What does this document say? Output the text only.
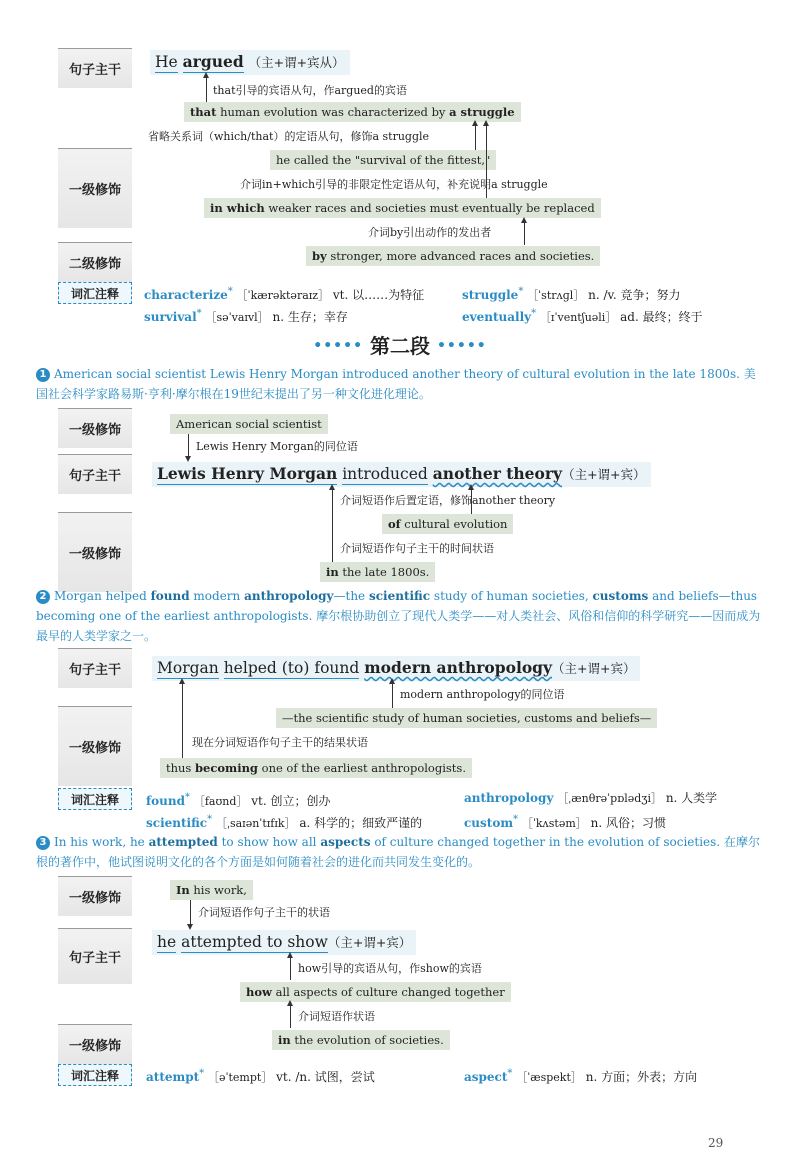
句子主干
一级修饰
二级修饰
He argued （主+谓+宾从）
that引导的宾语从句，作argued的宾语
that human evolution was characterized by a struggle
省略关系词（which/that）的定语从句，修饰a struggle
he called the "survival of the fittest,"
介词in+which引导的非限定性定语从句，补充说明a struggle
in which weaker races and societies must eventually be replaced
介词by引出动作的发出者
by stronger, more advanced races and societies.
词汇注释	characterize* ［ˈkærəktəraɪz］ vt. 以……为特征	struggle* ［ˈstrʌɡl］ n. /v. 竞争；努力
survival* ［səˈvaɪvl］ n. 生存；幸存	eventually* ［ɪˈventʃuəli］ ad. 最终；终于
••••• 第二段 •••••
1 American social scientist Lewis Henry Morgan introduced another theory of cultural evolution in the late 1800s. 美国社会科学家路易斯·亨利·摩尔根在19世纪末提出了另一种文化进化理论。
一级修饰
句子主干
一级修饰
American social scientist
Lewis Henry Morgan的同位语
Lewis Henry Morgan introduced another theory（主+谓+宾）
介词短语作后置定语，修饰another theory
of cultural evolution
介词短语作句子主干的时间状语
in the late 1800s.
2 Morgan helped found modern anthropology—the scientific study of human societies, customs and beliefs—thus becoming one of the earliest anthropologists. 摩尔根协助创立了现代人类学——对人类社会、风俗和信仰的科学研究——因而成为最早的人类学家之一。
句子主干
一级修饰
Morgan helped (to) found modern anthropology（主+谓+宾）
modern anthropology的同位语
—the scientific study of human societies, customs and beliefs—
现在分词短语作句子主干的结果状语
thus becoming one of the earliest anthropologists.
词汇注释	found* ［faʊnd］ vt. 创立；创办	anthropology ［ˌænθrəˈpɒlədʒi］ n. 人类学
scientific* ［ˌsaɪənˈtɪfɪk］ a. 科学的；细致严谨的	custom* ［ˈkʌstəm］ n. 风俗；习惯
3 In his work, he attempted to show how all aspects of culture changed together in the evolution of societies. 在摩尔根的著作中，他试图说明文化的各个方面是如何随着社会的进化而共同发生变化的。
一级修饰
句子主干
一级修饰
In his work,
介词短语作句子主干的状语
he attempted to show（主+谓+宾）
how引导的宾语从句，作show的宾语
how all aspects of culture changed together
介词短语作状语
in the evolution of societies.
词汇注释	attempt* ［əˈtempt］ vt. /n. 试图，尝试	aspect* ［ˈæspekt］ n. 方面；外表；方向
29
